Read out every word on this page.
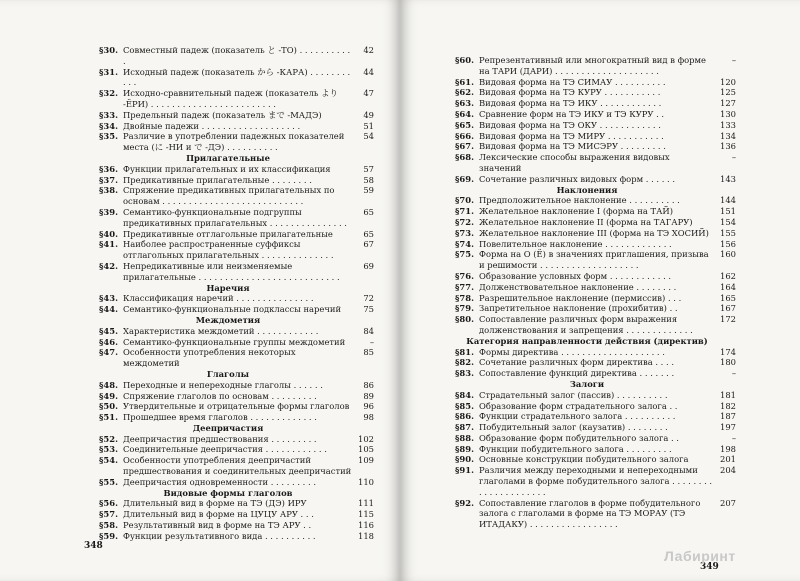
§30. Совместный падеж (показатель と -ТО) . . . . . . . . . . .
42
§31. Исходный падеж (показатель から -КАРА) . . . . . . . . . . .
44
§32. Исходно-сравнительный падеж (показатель より -ЁРИ) . . . . . . . . . . . . . . . . . . . . . . . .
47
§33. Предельный падеж (показатель まで -МАДЭ)	49
§34. Двойные падежи . . . . . . . . . . . . . . . . . . .	51
§35. Различие в употреблении падежных показателей места (に -НИ и で -ДЭ) . . . . . . . . . .
54
Прилагательные
§36. Функции прилагательных и их классификация	57
§37. Предикативные прилагательные . . . . . . . .	58
§38. Спряжение предикативных прилагательных по основам . . . . . . . . . . . . . . . . . . . . . . . . . . .
59
§39. Семантико-функциональные подгруппы предикативных прилагательных . . . . . . . . . . . . . . .
65
§40. Предикативные отглагольные прилагательные	65
§41. Наиболее распространенные суффиксы отглагольных прилагательных . . . . . . . . . . . . . .
67
§42. Непредикативные или неизменяемые прилагательные . . . . . . . . . . . . . . . . . . . . . . . . . . .
69
Наречия
§43. Классификация наречий . . . . . . . . . . . . . . .	72
§44. Семантико-функциональные подклассы наречий	75
Междометия
§45. Характеристика междометий . . . . . . . . . . . .	84
§46. Семантико-функциональные группы междометий	–
§47. Особенности употребления некоторых междометий
85
Глаголы
§48. Переходные и непереходные глаголы . . . . . .	86
§49. Спряжение глаголов по основам . . . . . . . . .	89
§50. Утвердительные и отрицательные формы глаголов	96
§51. Прошедшее время глаголов . . . . . . . . . . . . .	98
Деепричастия
§52. Деепричастия предшествования . . . . . . . . .	102
§53. Соединительные деепричастия . . . . . . . . . . . .	105
§54. Особенности употребления деепричастий предшествования и соединительных деепричастий
109
§55. Деепричастия одновременности . . . . . . . . .	110
Видовые формы глаголов
§56. Длительный вид в форме на ТЭ (ДЭ) ИРУ	111
§57. Длительный вид в форме на ЦУЦУ АРУ . . .	115
§58. Результативный вид в форме на ТЭ АРУ . .	116
§59. Функции результативного вида . . . . . . . . . .	118
348
§60. Репрезентативный или многократный вид в форме на ТАРИ (ДАРИ) . . . . . . . . . . . . . . . . . . . .
–
§61. Видовая форма на ТЭ СИМАУ . . . . . . . . . .	120
§62. Видовая форма на ТЭ КУРУ . . . . . . . . . . .	125
§63. Видовая форма на ТЭ ИКУ . . . . . . . . . . . .	127
§64. Сравнение форм на ТЭ ИКУ и ТЭ КУРУ . .	130
§65. Видовая форма на ТЭ ОКУ . . . . . . . . . . . .	133
§66. Видовая форма на ТЭ МИРУ . . . . . . . . . . .	134
§67. Видовая форма на ТЭ МИСЭРУ . . . . . . . . .	136
§68. Лексические способы выражения видовых значений
–
§69. Сочетание различных видовых форм . . . . . .	143
Наклонения
§70. Предположительное наклонение . . . . . . . . . .	144
§71. Желательное наклонение I (форма на ТАЙ)	151
§72. Желательное наклонение II (форма на ТАГАРУ)	154
§73. Желательное наклонение III (форма на ТЭ ХОСИЙ)	155
§74. Повелительное наклонение . . . . . . . . . . . . .	156
§75. Форма на О (Ё) в значениях приглашения, призыва и решимости . . . . . . . . . . . . . . . . . . .
160
§76. Образование условных форм . . . . . . . . . . . .	162
§77. Долженствовательное наклонение . . . . . . . .	164
§78. Разрешительное наклонение (пермиссив) . . .	165
§79. Запретительное наклонение (прохибитив) . .	167
§80. Сопоставление различных форм выражения долженствования и запрещения . . . . . . . . . . . . .
172
Категория направленности действия (директив)
§81. Формы директива . . . . . . . . . . . . . . . . . . . .	174
§82. Сочетание различных форм директива . . . .	180
§83. Сопоставление функций директива . . . . . . .	–
Залоги
§84. Страдательный залог (пассив) . . . . . . . . . .	181
§85. Образование форм страдательного залога . .	182
§86. Функции страдательного залога . . . . . . . . . .	187
§87. Побудительный залог (каузатив) . . . . . . . .	197
§88. Образование форм побудительного залога . .	–
§89. Функции побудительного залога . . . . . . . . .	198
§90. Основные конструкции побудительного залога	201
§91. Различия между переходными и непереходными глаголами в форме побудительного залога . . . . . . . . . . . . . . . . . . . . .
204
§92. Сопоставление глаголов в форме побудительного залога с глаголами в форме на ТЭ МОРАУ (ТЭ ИТАДАКУ) . . . . . . . . . . . . . . . . .
207
349
Лабиринт
